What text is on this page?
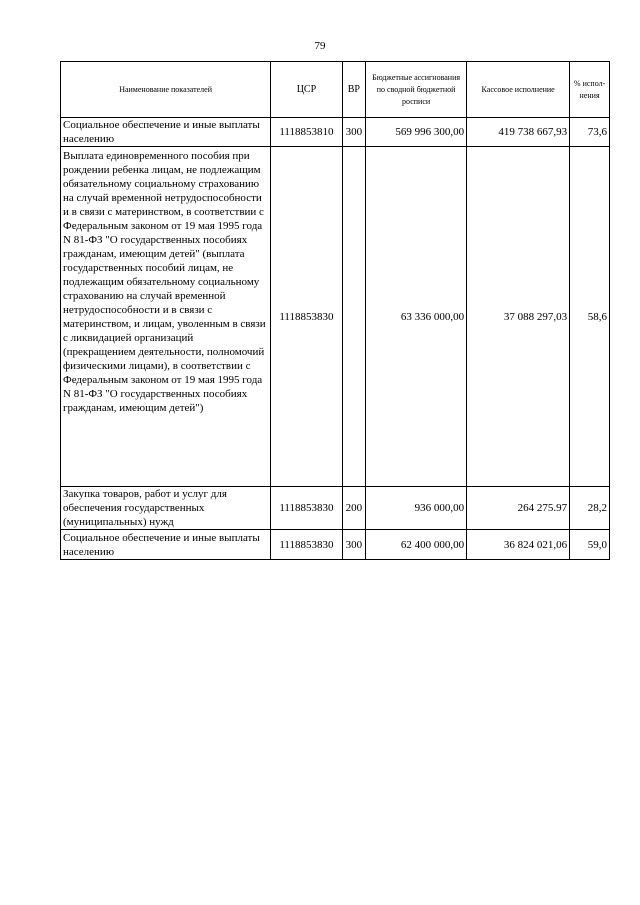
79
Наименование показателей	ЦСР	ВР	Бюджетные ассигнования по сводной бюджетной росписи	Кассовое исполнение	% испол-нения
Социальное обеспечение и иные выплаты населению	1118853810	300	569 996 300,00	419 738 667,93	73,6
Выплата единовременного пособия при рождении ребенка лицам, не подлежащим обязательному социальному страхованию на случай временной нетрудоспособности и в связи с материнством, в соответствии с Федеральным законом от 19 мая 1995 года N 81-ФЗ "О государственных пособиях гражданам, имеющим детей" (выплата государственных пособий лицам, не подлежащим обязательному социальному страхованию на случай временной нетрудоспособности и в связи с материнством, и лицам, уволенным в связи с ликвидацией организаций (прекращением деятельности, полномочий физическими лицами), в соответствии с Федеральным законом от 19 мая 1995 года N 81-ФЗ "О государственных пособиях гражданам, имеющим детей")	1118853830		63 336 000,00	37 088 297,03	58,6
Закупка товаров, работ и услуг для обеспечения государственных (муниципальных) нужд	1118853830	200	936 000,00	264 275.97	28,2
Социальное обеспечение и иные выплаты населению	1118853830	300	62 400 000,00	36 824 021,06	59,0
